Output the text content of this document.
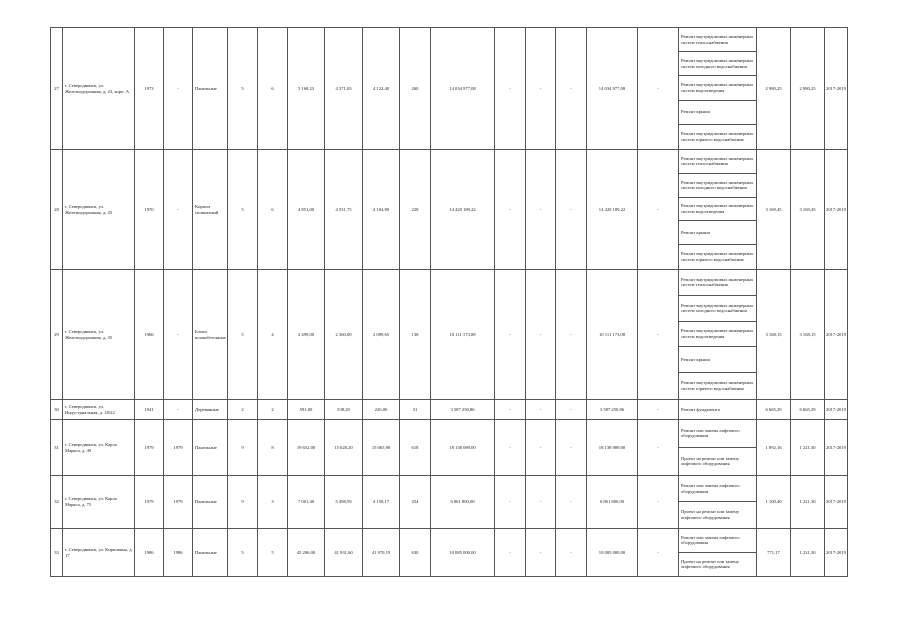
27	г. Северодвинск, ул. Железнодорожная, д. 23, корп. А	1973	-	Панельные	5	6	5 168,23	4 371,03	4 122,40	260	14 034 977,08	-	-	-	14 034 977,08	-	Ремонт внутридомовых инженерных систем теплоснабжения
Ремонт внутридомовых инженерных систем холодного водоснабжения
Ремонт внутридомовых инженерных систем водоотведения
Ремонт крыши
Ремонт внутридомовых инженерных систем горячего водоснабжения	2 980,25	2 980,25	2017-2019
28	г. Северодвинск, ул. Железнодорожная, д. 25	1970	-	Кирпич силикатный	5	6	4 851,00	4 551,75	4 104,80	228	14 420 189,22	-	-	-	14 420 189,22	-	Ремонт внутридомовых инженерных систем теплоснабжения
Ремонт внутридомовых инженерных систем холодного водоснабжения
Ремонт внутридомовых инженерных систем водоотведения
Ремонт крыши
Ремонт внутридомовых инженерных систем горячего водоснабжения	3 169,45	3 169,45	2017-2019
29	г. Северодвинск, ул. Железнодорожная, д. 35	1966	-	Блоки шлакобетонные	5	4	2 499,00	2 360,00	2 089,65	138	10 111 173,08	-	-	-	10 111 173,08	-	Ремонт внутридомовых инженерных систем теплоснабжения
Ремонт внутридомовых инженерных систем холодного водоснабжения
Ремонт внутридомовых инженерных систем водоотведения
Ремонт крыши
Ремонт внутридомовых инженерных систем горячего водоснабжения	3 168,15	3 168,15	2017-2019
30	г. Северодвинск, ул. Индустриальная, д. 18/22	1941	-	Деревянные	2	2	591,00	538,20	226,00	31	3 587 250,86	-	-	-	3 587 250,86	-	Ремонт фундамента	6 665,29	6 665,29	2017-2019
31	г. Северодвинск, ул. Карла Маркса, д. 49	1979	1979	Панельные	9	8	19 652,00	15 628,20	15 065,90	618	18 138 089,00	-	-	-	18 138 089,00	-	Ремонт или замена лифтового оборудования
Проект на ремонт или замену лифтового оборудования	1 092,16	1 221,30	2017-2019
32	г. Северодвинск, ул. Карла Маркса, д. 75	1979	1979	Панельные	9	3	7 001,40	5 498,59	4 158,17	254	6 861 800,00	-	-	-	6 861 800,00	-	Ремонт или замена лифтового оборудования
Проект на ремонт или замену лифтового оборудования	1 100,40	1 221,30	2017-2019
33	г. Северодвинск, ул. Кирилкина, д. 17	1986	1986	Панельные	5	5	45 206,00	41 931,60	41 970,19	630	10 085 000,00	-	-	-	10 085 000,00	-	Ремонт или замена лифтового оборудования
Проект на ремонт или замену лифтового оборудования	771,17	1 221,30	2017-2019
